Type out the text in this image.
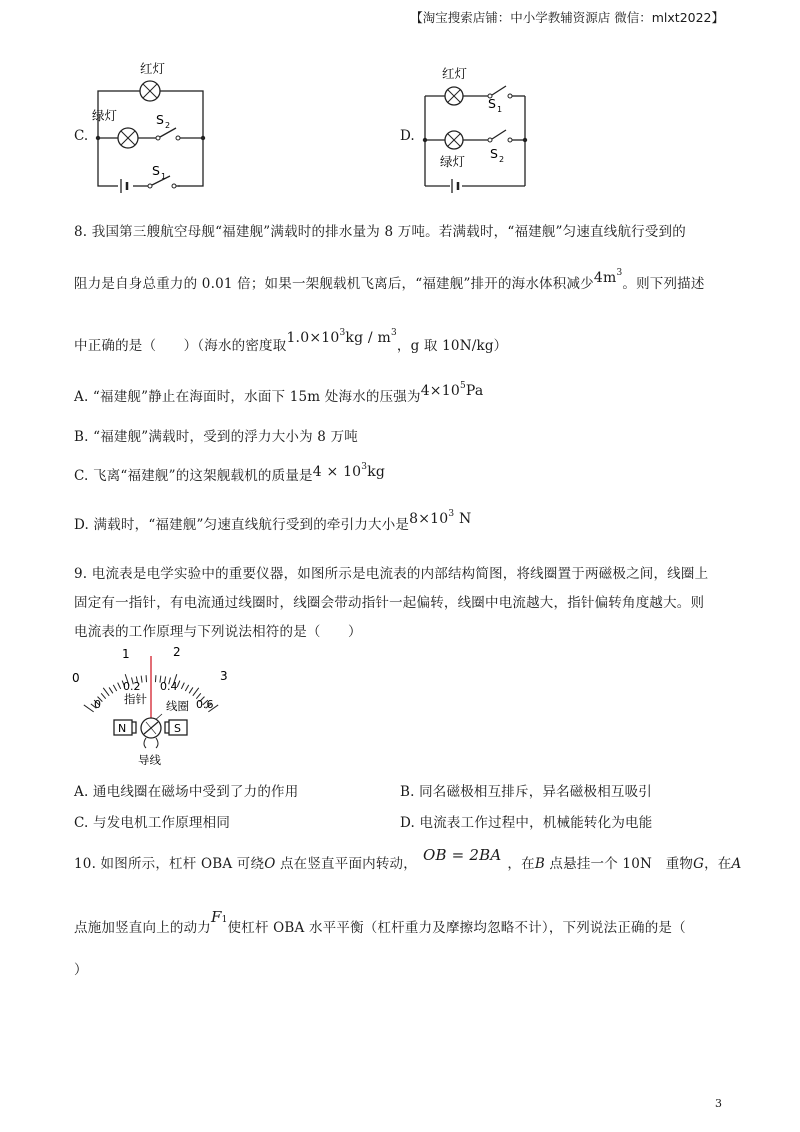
【淘宝搜索店铺：中小学教辅资源店 微信：mlxt2022】
C.
红灯
绿灯	S 2
S 1
D.
红灯
绿灯
S 1
S 2
8. 我国第三艘航空母舰“福建舰”满载时的排水量为 8 万吨。若满载时，“福建舰”匀速直线航行受到的
阻力是自身总重力的 0.01 倍；如果一架舰载机飞离后，“福建舰”排开的海水体积减少$4m^3$。则下列描述
中正确的是（　　）（海水的密度取$1.0\times 10^3kg / m^3$，g 取 10N/kg）
A. “福建舰”静止在海面时，水面下 15m 处海水的压强为$4\times 10^5Pa$
B. “福建舰”满载时，受到的浮力大小为 8 万吨
C. 飞离“福建舰”的这架舰载机的质量是$4 \times 10^3kg$
D. 满载时，“福建舰”匀速直线航行受到的牵引力大小是$8\times 10^3$ N
9. 电流表是电学实验中的重要仪器，如图所示是电流表的内部结构简图，将线圈置于两磁极之间，线圈上
固定有一指针，有电流通过线圈时，线圈会带动指针一起偏转，线圈中电流越大，指针偏转角度越大。则
电流表的工作原理与下列说法相符的是（　　）
0
1	2
3
0
0.2 0.4
0.6
指针 线圈
N	S
导线
A. 通电线圈在磁场中受到了力的作用	B. 同名磁极相互排斥，异名磁极相互吸引
C. 与发电机工作原理相同	D. 电流表工作过程中，机械能转化为电能
10. 如图所示，杠杆 OBA 可绕O 点在竖直平面内转动， OB = 2BA ，在B 点悬挂一个 10N　重物G，在A
点施加竖直向上的动力F1使杠杆 OBA 水平平衡（杠杆重力及摩擦均忽略不计），下列说法正确的是（
）
3
